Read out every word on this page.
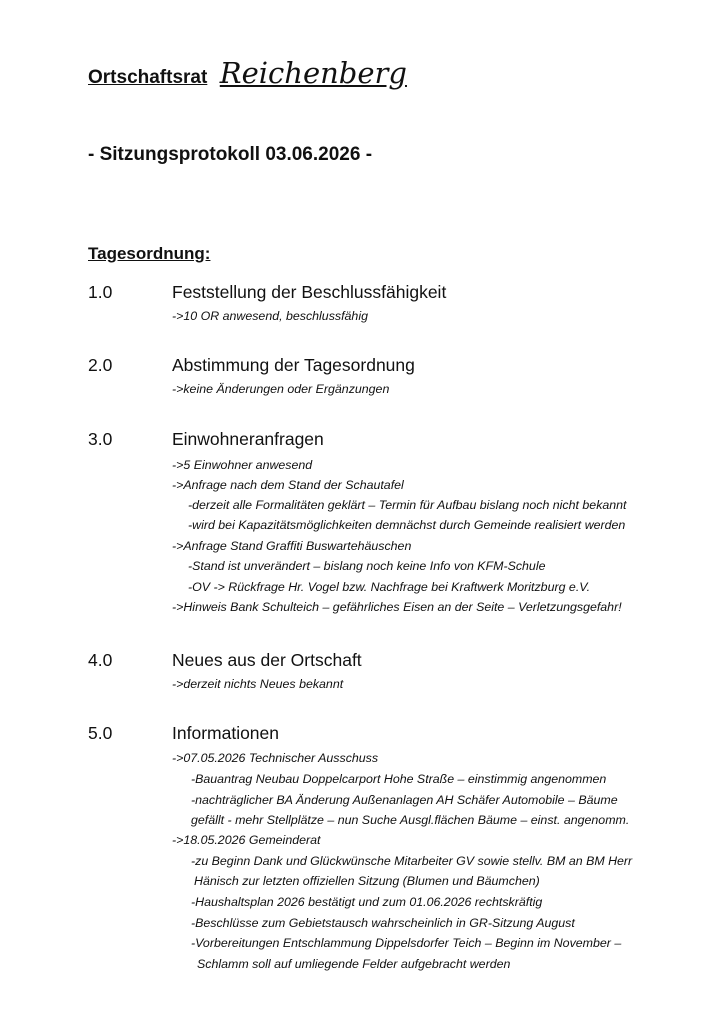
Ortschaftsrat Reichenberg
- Sitzungsprotokoll 03.06.2026 -
Tagesordnung:
1.0	Feststellung der Beschlussfähigkeit
->10 OR anwesend, beschlussfähig
2.0	Abstimmung der Tagesordnung
->keine Änderungen oder Ergänzungen
3.0	Einwohneranfragen
->5 Einwohner anwesend
->Anfrage nach dem Stand der Schautafel
-derzeit alle Formalitäten geklärt – Termin für Aufbau bislang noch nicht bekannt
-wird bei Kapazitätsmöglichkeiten demnächst durch Gemeinde realisiert werden
->Anfrage Stand Graffiti Buswartehäuschen
-Stand ist unverändert – bislang noch keine Info von KFM-Schule
-OV -> Rückfrage Hr. Vogel bzw. Nachfrage bei Kraftwerk Moritzburg e.V.
->Hinweis Bank Schulteich – gefährliches Eisen an der Seite – Verletzungsgefahr!
4.0	Neues aus der Ortschaft
->derzeit nichts Neues bekannt
5.0	Informationen
->07.05.2026 Technischer Ausschuss
-Bauantrag Neubau Doppelcarport Hohe Straße – einstimmig angenommen
-nachträglicher BA Änderung Außenanlagen AH Schäfer Automobile – Bäume
gefällt - mehr Stellplätze – nun Suche Ausgl.flächen Bäume – einst. angenomm.
->18.05.2026 Gemeinderat
-zu Beginn Dank und Glückwünsche Mitarbeiter GV sowie stellv. BM an BM Herr
Hänisch zur letzten offiziellen Sitzung (Blumen und Bäumchen)
-Haushaltsplan 2026 bestätigt und zum 01.06.2026 rechtskräftig
-Beschlüsse zum Gebietstausch wahrscheinlich in GR-Sitzung August
-Vorbereitungen Entschlammung Dippelsdorfer Teich – Beginn im November –
Schlamm soll auf umliegende Felder aufgebracht werden
